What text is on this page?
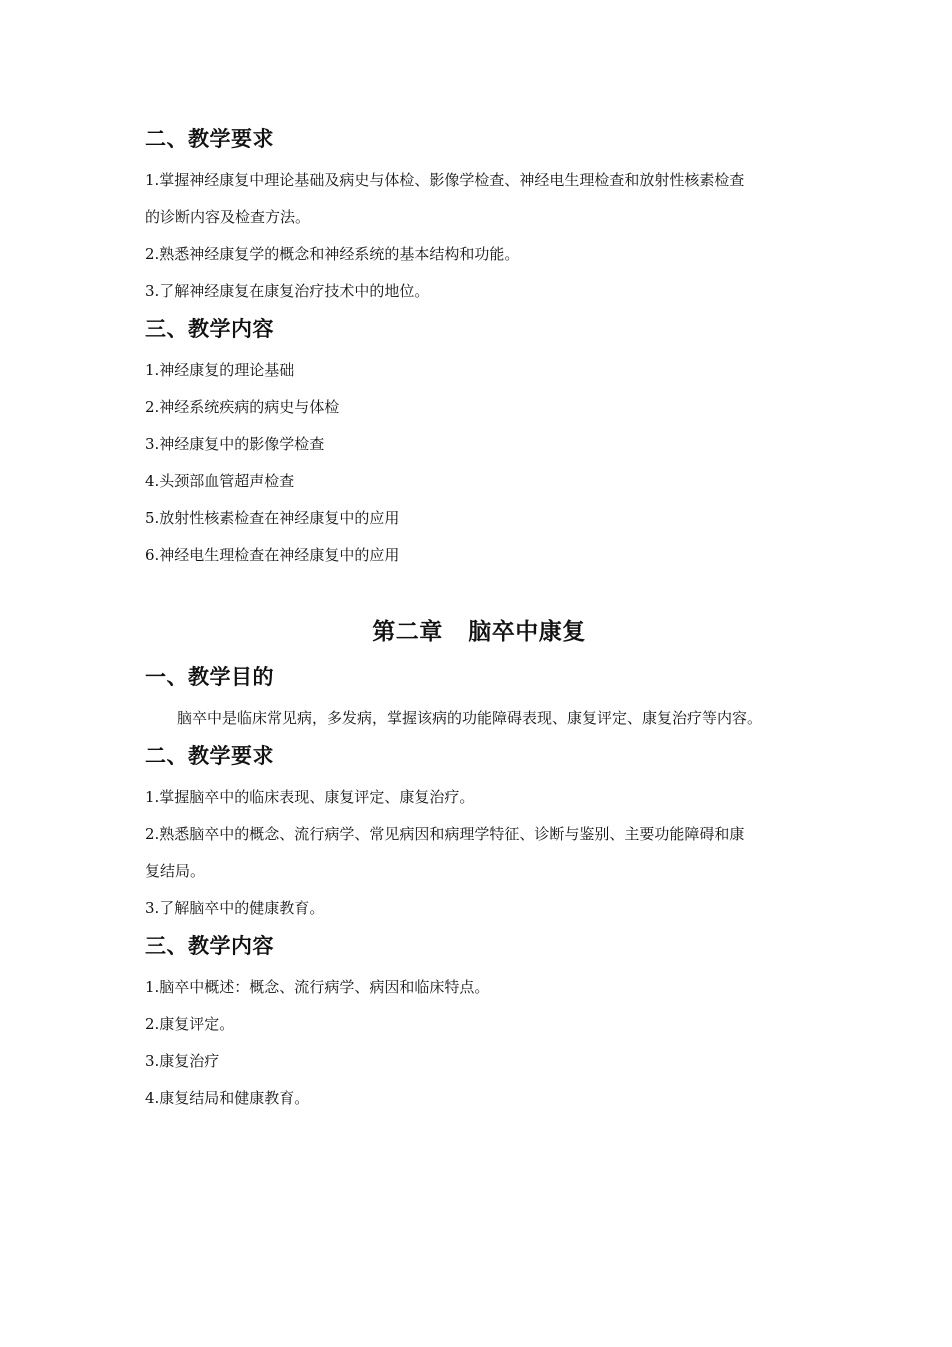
二、教学要求

1.掌握神经康复中理论基础及病史与体检、影像学检查、神经电生理检查和放射性核素检查

的诊断内容及检查方法。

2.熟悉神经康复学的概念和神经系统的基本结构和功能。

3.了解神经康复在康复治疗技术中的地位。

三、教学内容

1.神经康复的理论基础

2.神经系统疾病的病史与体检

3.神经康复中的影像学检查

4.头颈部血管超声检查

5.放射性核素检查在神经康复中的应用

6.神经电生理检查在神经康复中的应用

第二章   脑卒中康复
一、教学目的

脑卒中是临床常见病，多发病，掌握该病的功能障碍表现、康复评定、康复治疗等内容。

二、教学要求

1.掌握脑卒中的临床表现、康复评定、康复治疗。

2.熟悉脑卒中的概念、流行病学、常见病因和病理学特征、诊断与鉴别、主要功能障碍和康

复结局。

3.了解脑卒中的健康教育。

三、教学内容

1.脑卒中概述：概念、流行病学、病因和临床特点。

2.康复评定。

3.康复治疗

4.康复结局和健康教育。
